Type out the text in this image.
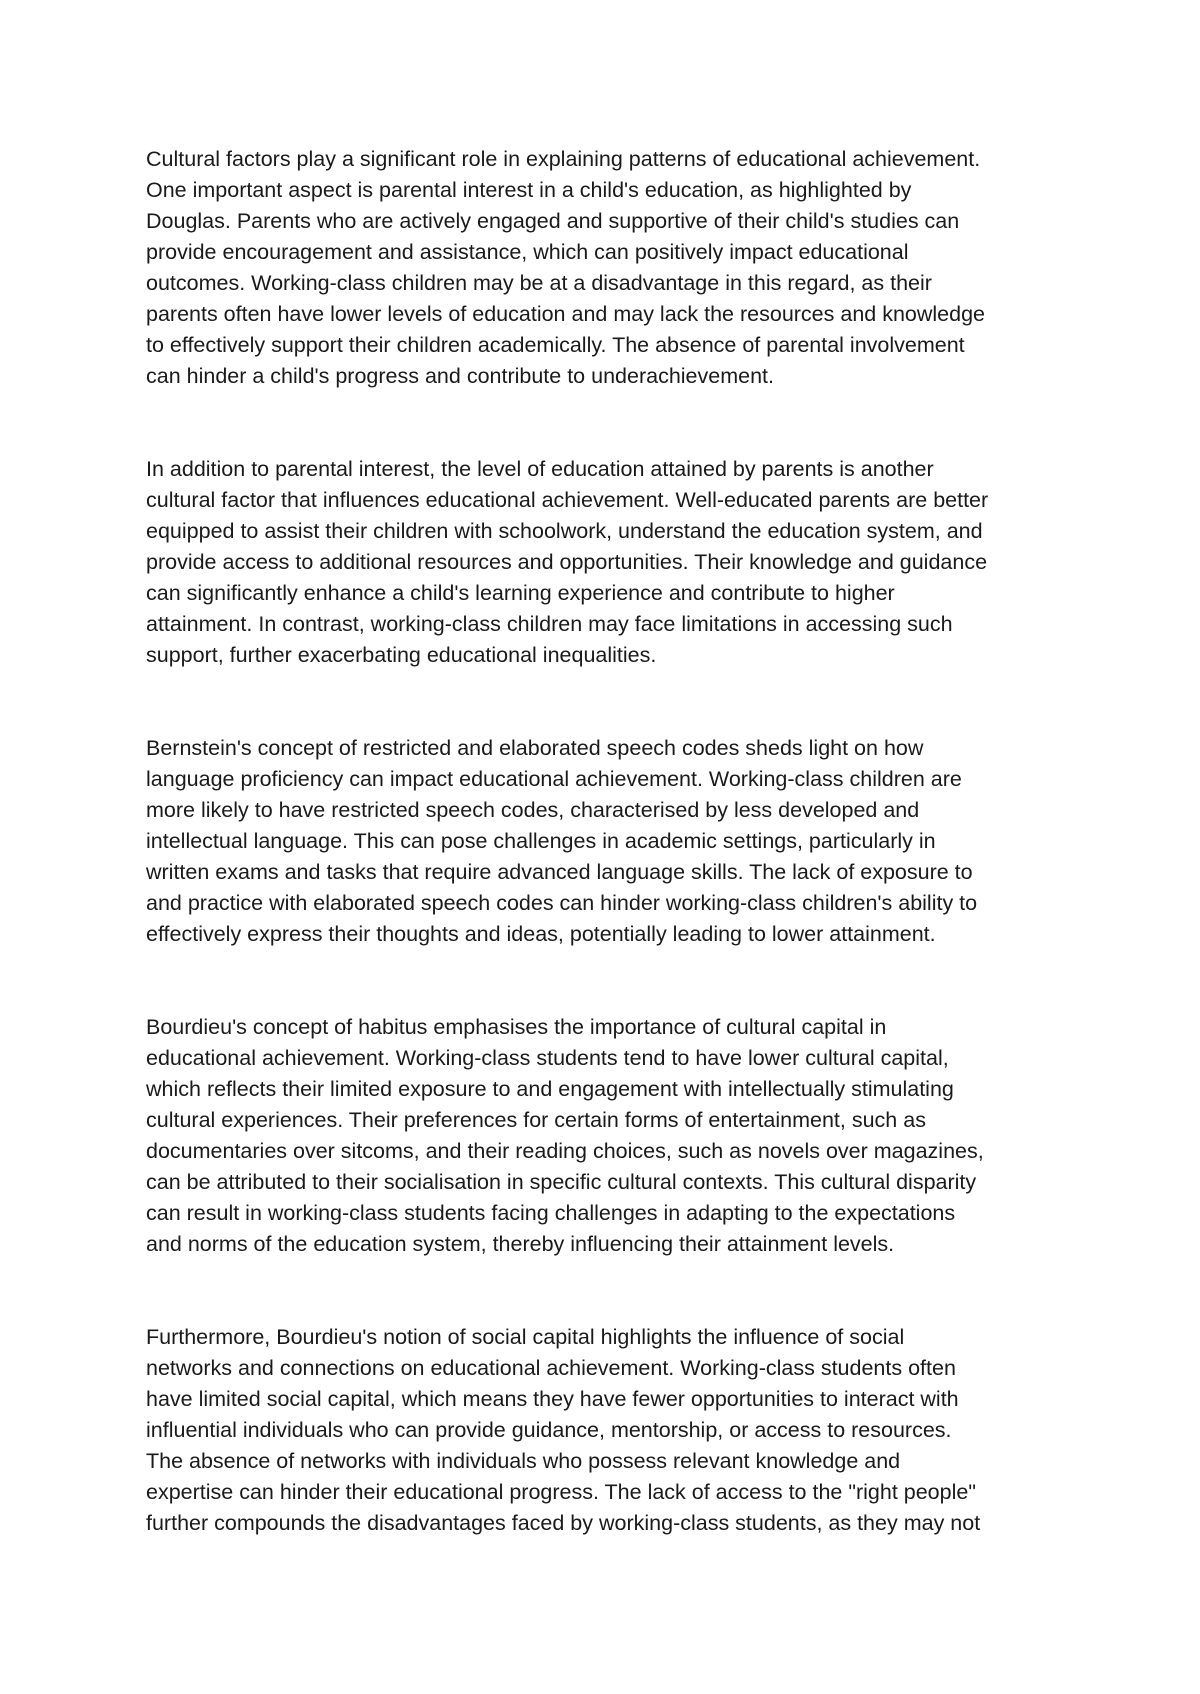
Cultural factors play a significant role in explaining patterns of educational achievement.

One important aspect is parental interest in a child's education, as highlighted by

Douglas. Parents who are actively engaged and supportive of their child's studies can

provide encouragement and assistance, which can positively impact educational

outcomes. Working-class children may be at a disadvantage in this regard, as their

parents often have lower levels of education and may lack the resources and knowledge

to effectively support their children academically. The absence of parental involvement

can hinder a child's progress and contribute to underachievement.

In addition to parental interest, the level of education attained by parents is another

cultural factor that influences educational achievement. Well-educated parents are better

equipped to assist their children with schoolwork, understand the education system, and

provide access to additional resources and opportunities. Their knowledge and guidance

can significantly enhance a child's learning experience and contribute to higher

attainment. In contrast, working-class children may face limitations in accessing such

support, further exacerbating educational inequalities.

Bernstein's concept of restricted and elaborated speech codes sheds light on how

language proficiency can impact educational achievement. Working-class children are

more likely to have restricted speech codes, characterised by less developed and

intellectual language. This can pose challenges in academic settings, particularly in

written exams and tasks that require advanced language skills. The lack of exposure to

and practice with elaborated speech codes can hinder working-class children's ability to

effectively express their thoughts and ideas, potentially leading to lower attainment.

Bourdieu's concept of habitus emphasises the importance of cultural capital in

educational achievement. Working-class students tend to have lower cultural capital,

which reflects their limited exposure to and engagement with intellectually stimulating

cultural experiences. Their preferences for certain forms of entertainment, such as

documentaries over sitcoms, and their reading choices, such as novels over magazines,

can be attributed to their socialisation in specific cultural contexts. This cultural disparity

can result in working-class students facing challenges in adapting to the expectations

and norms of the education system, thereby influencing their attainment levels.

Furthermore, Bourdieu's notion of social capital highlights the influence of social

networks and connections on educational achievement. Working-class students often

have limited social capital, which means they have fewer opportunities to interact with

influential individuals who can provide guidance, mentorship, or access to resources.

The absence of networks with individuals who possess relevant knowledge and

expertise can hinder their educational progress. The lack of access to the "right people"

further compounds the disadvantages faced by working-class students, as they may not
